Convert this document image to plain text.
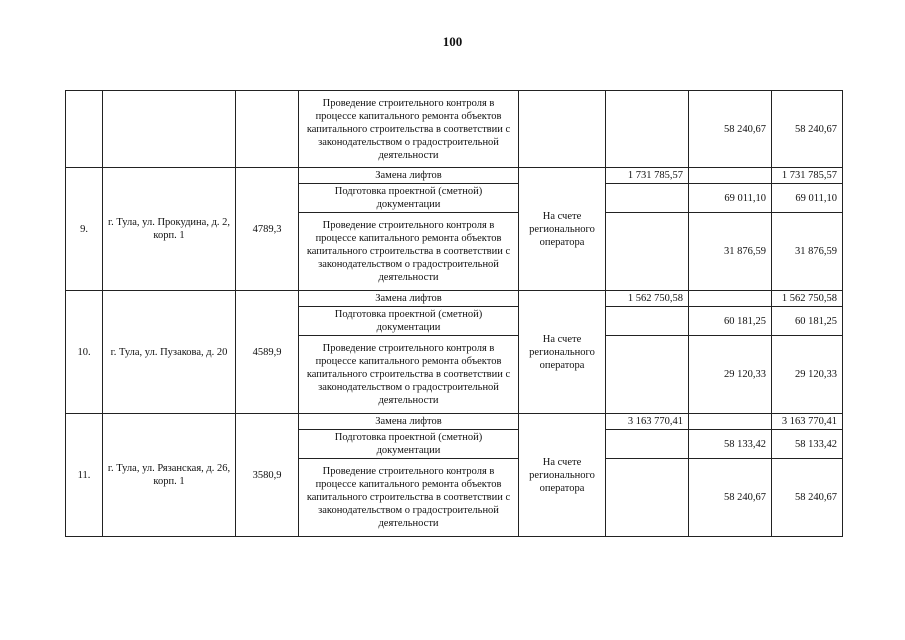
100
			Проведение строительного контроля в процессе капитального ремонта объектов капитального строительства в соответствии с законодательством о градостроительной деятельности			58 240,67	58 240,67
9.	г. Тула, ул. Прокудина, д. 2, корп. 1	4789,3	Замена лифтов	На счете регионального оператора	1 731 785,57		1 731 785,57
			Подготовка проектной (сметной) документации			69 011,10	69 011,10
			Проведение строительного контроля в процессе капитального ремонта объектов капитального строительства в соответствии с законодательством о градостроительной деятельности			31 876,59	31 876,59
10.	г. Тула, ул. Пузакова, д. 20	4589,9	Замена лифтов	На счете регионального оператора	1 562 750,58		1 562 750,58
			Подготовка проектной (сметной) документации			60 181,25	60 181,25
			Проведение строительного контроля в процессе капитального ремонта объектов капитального строительства в соответствии с законодательством о градостроительной деятельности			29 120,33	29 120,33
11.	г. Тула, ул. Рязанская, д. 26, корп. 1	3580,9	Замена лифтов	На счете регионального оператора	3 163 770,41		3 163 770,41
			Подготовка проектной (сметной) документации			58 133,42	58 133,42
			Проведение строительного контроля в процессе капитального ремонта объектов капитального строительства в соответствии с законодательством о градостроительной деятельности			58 240,67	58 240,67
